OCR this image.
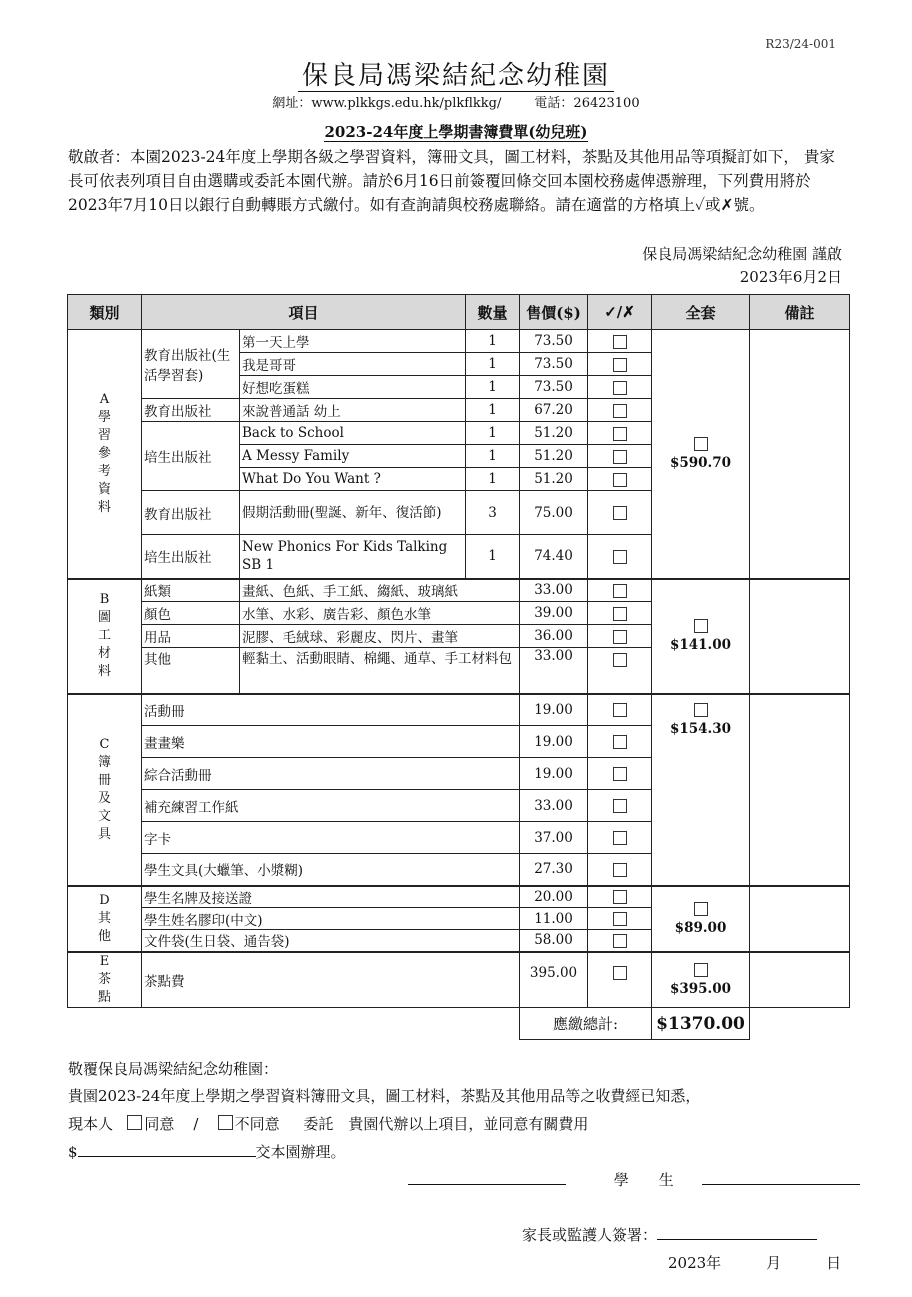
R23/24-001
保良局馮梁結紀念幼稚園
網址：www.plkkgs.edu.hk/plkflkkg/	電話：26423100
2023-24年度上學期書簿費單(幼兒班)
敬啟者：本園2023-24年度上學期各級之學習資料，簿冊文具，圖工材料，茶點及其他用品等項擬訂如下， 貴家長可依表列項目自由選購或委託本園代辦。請於6月16日前簽覆回條交回本園校務處俾憑辦理，下列費用將於2023年7月10日以銀行自動轉賬方式繳付。如有查詢請與校務處聯絡。請在適當的方格填上✓或✗號。
保良局馮梁結紀念幼稚園 謹啟
2023年6月2日
類別	項目		數量	售價($)	✓/✗	全套	備註
A學習參考資料	教育出版社(生活學習套)	第一天上學	1	73.50		$590.70	
		我是哥哥	1	73.50			
		好想吃蛋糕	1	73.50			
	教育出版社	來說普通話 幼上	1	67.20			
	培生出版社	Back to School	1	51.20			
		A Messy Family	1	51.20			
		What Do You Want ?	1	51.20			
	教育出版社	假期活動冊(聖誕、新年、復活節)	3	75.00			
	培生出版社	New Phonics For Kids Talking SB 1	1	74.40			
B圖工材料	紙類	畫紙、色紙、手工紙、縐紙、玻璃紙		33.00		$141.00	
	顏色	水筆、水彩、廣告彩、顏色水筆		39.00			
	用品	泥膠、毛絨球、彩麗皮、閃片、畫筆		36.00			
	其他	輕黏土、活動眼睛、棉繩、通草、手工材料包		33.00			
C簿冊及文具	活動冊			19.00		$154.30	
	畫畫樂			19.00			
	綜合活動冊			19.00			
	補充練習工作紙			33.00			
	字卡			37.00			
	學生文具(大蠟筆、小漿糊)			27.30			
D其他	學生名牌及接送證			20.00		$89.00	
	學生姓名膠印(中文)			11.00			
	文件袋(生日袋、通告袋)			58.00			
E茶點	茶點費			395.00		$395.00	
				應繳總計:		$1370.00	
敬覆保良局馮梁結紀念幼稚園：
貴園2023-24年度上學期之學習資料簿冊文具，圖工材料，茶點及其他用品等之收費經已知悉，
現本人 同意 / 不同意 委託　貴園代辦以上項目，並同意有關費用
$	交本園辦理。
學　　生
家長或監護人簽署：
2023年　　　月　　　日
